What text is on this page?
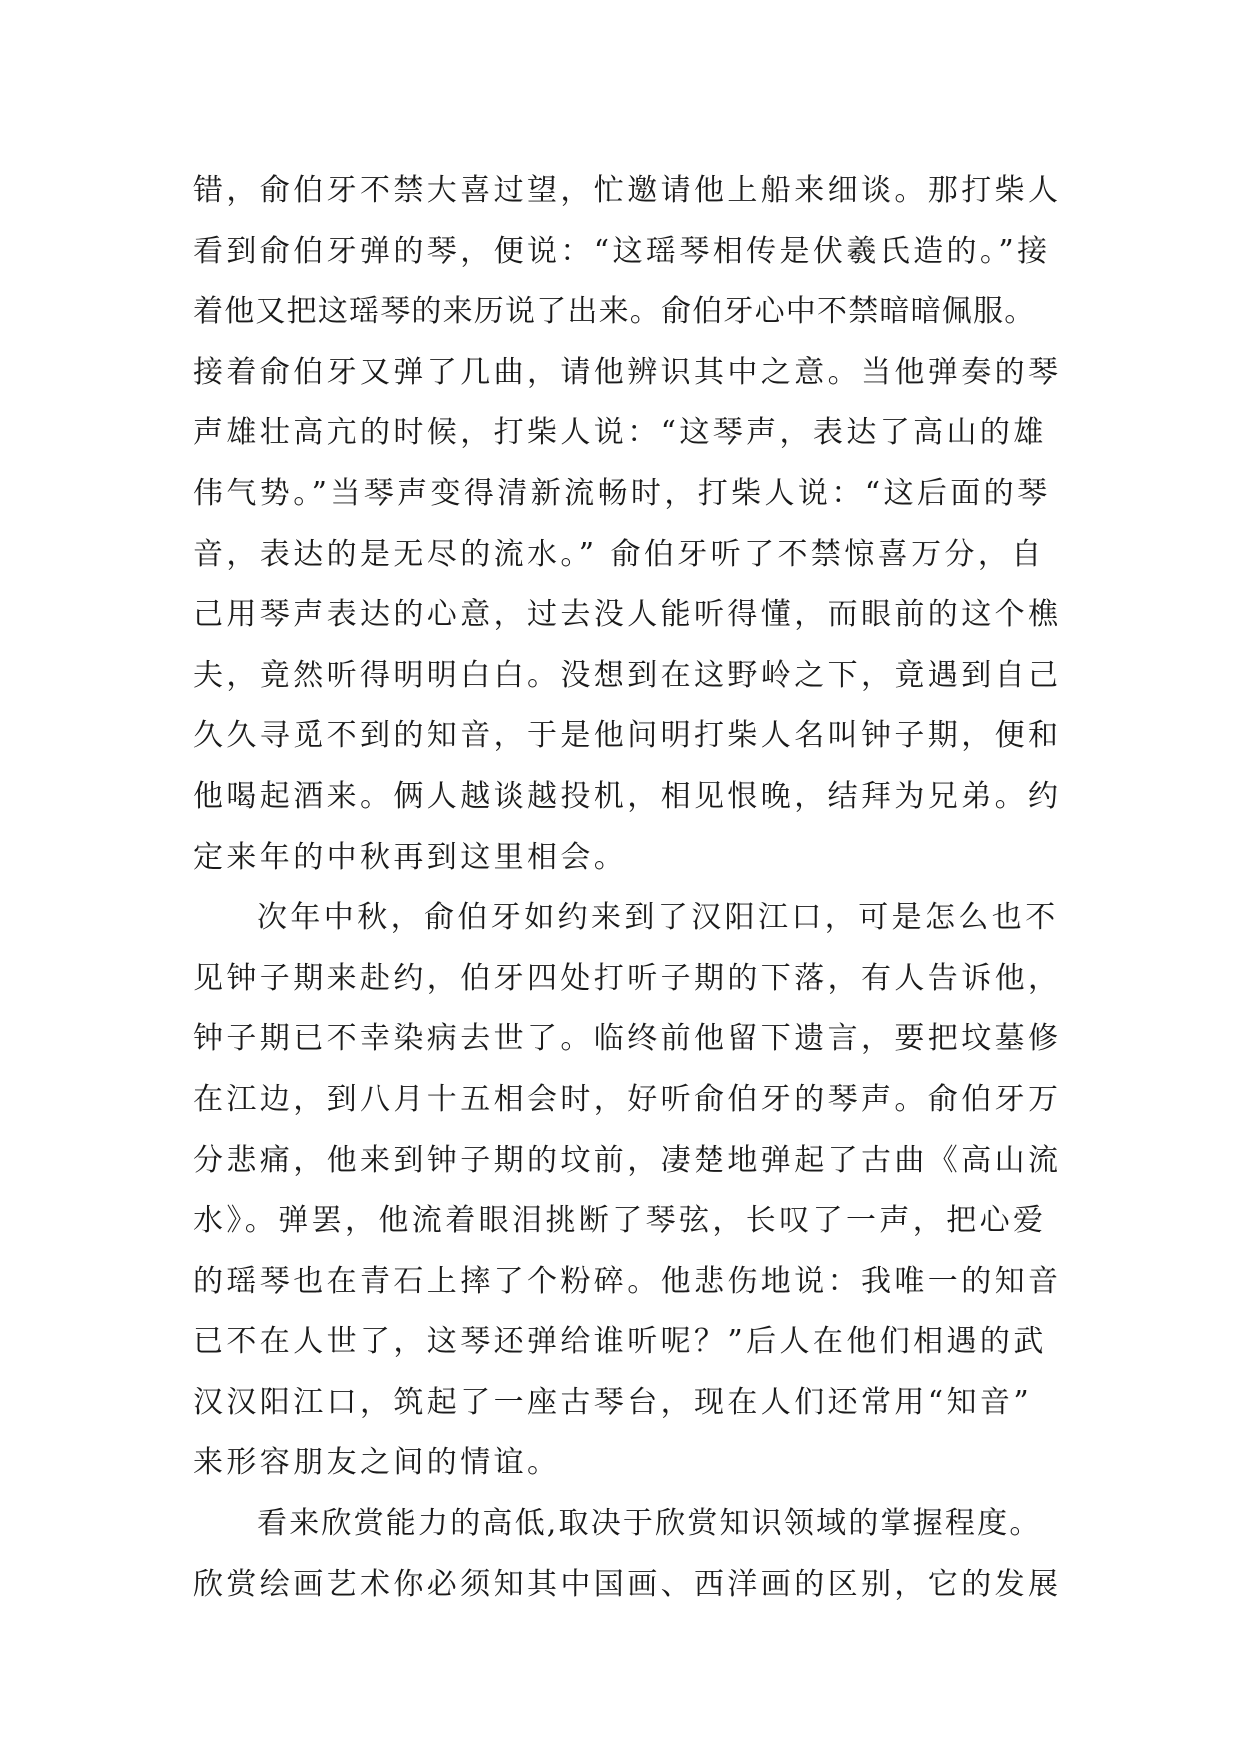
错，俞伯牙不禁大喜过望，忙邀请他上船来细谈。那打柴人
看到俞伯牙弹的琴，便说：“这瑶琴相传是伏羲氏造的。”接
着他又把这瑶琴的来历说了出来。俞伯牙心中不禁暗暗佩服。
接着俞伯牙又弹了几曲，请他辨识其中之意。当他弹奏的琴
声雄壮高亢的时候，打柴人说：“这琴声，表达了高山的雄
伟气势。”当琴声变得清新流畅时，打柴人说：“这后面的琴
音，表达的是无尽的流水。” 俞伯牙听了不禁惊喜万分，自
己用琴声表达的心意，过去没人能听得懂，而眼前的这个樵
夫，竟然听得明明白白。没想到在这野岭之下，竟遇到自己
久久寻觅不到的知音，于是他问明打柴人名叫钟子期，便和
他喝起酒来。俩人越谈越投机，相见恨晚，结拜为兄弟。约
定来年的中秋再到这里相会。
次年中秋，俞伯牙如约来到了汉阳江口，可是怎么也不
见钟子期来赴约，伯牙四处打听子期的下落，有人告诉他，
钟子期已不幸染病去世了。临终前他留下遗言，要把坟墓修
在江边，到八月十五相会时，好听俞伯牙的琴声。俞伯牙万
分悲痛，他来到钟子期的坟前，凄楚地弹起了古曲《高山流
水》。弹罢，他流着眼泪挑断了琴弦，长叹了一声，把心爱
的瑶琴也在青石上摔了个粉碎。他悲伤地说：我唯一的知音
已不在人世了，这琴还弹给谁听呢？”后人在他们相遇的武
汉汉阳江口，筑起了一座古琴台，现在人们还常用“知音”
来形容朋友之间的情谊。
看来欣赏能力的高低,取决于欣赏知识领域的掌握程度。
欣赏绘画艺术你必须知其中国画、西洋画的区别，它的发展
